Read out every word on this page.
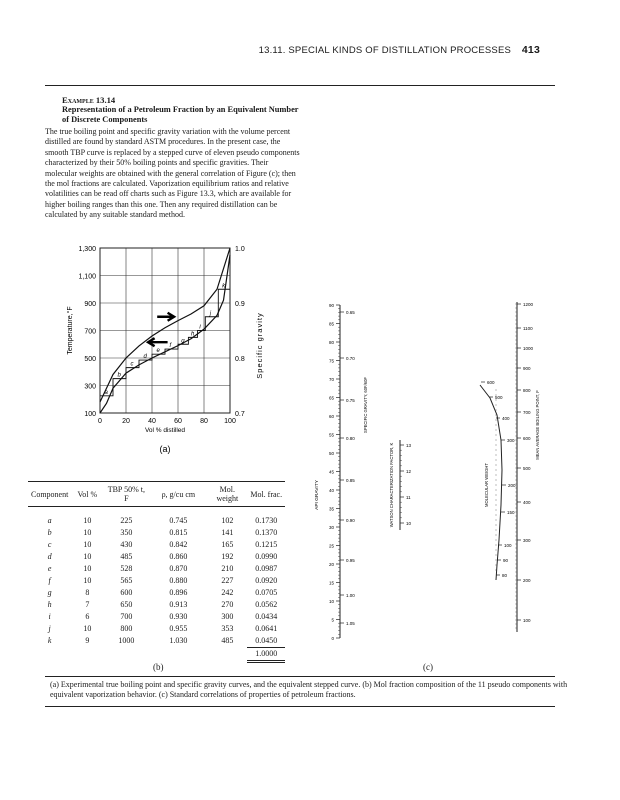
13.11. SPECIAL KINDS OF DISTILLATION PROCESSES 413
Example 13.14
Representation of a Petroleum Fraction by an Equivalent Number of Discrete Components
The true boiling point and specific gravity variation with the volume percent distilled are found by standard ASTM procedures. In the present case, the smooth TBP curve is replaced by a stepped curve of eleven pseudo components characterized by their 50% boiling points and specific gravities. Their molecular weights are obtained with the general correlation of Figure (c); then the mol fractions are calculated. Vaporization equilibrium ratios and relative volatilities can be read off charts such as Figure 13.3, which are available for higher boiling ranges than this one. Then any required distillation can be calculated by any suitable standard method.
100
300
500
700
900
1,100
1,300
0	20	40	60	80 100
0.7
0.8
0.9
1.0
Vol % distilled
Temperature,°F	Specific gravity
a
b
c
d
e
f
g
h
i
j
k
(a)
90
85
80
75
70
65
60
55
50
45
40
35
30
25
20
15
10
5
0
0.65
0.70
0.75
0.80
0.85
0.90
0.95
1.00
1.05
API GRAVITY
SPECIFIC GRAVITY, 60F/60F
13
12
11
10
WATSON CHARACTERIZATION FACTOR, K
600
500
400
300
200
150
100
90
80
MOLECULAR WEIGHT
1200
1100
1000
900
800
700
600
500
400
300
200
100
MEAN AVERAGE BOILING POINT, F
Component	Vol %	TBP 50% t, F	ρ, g/cu cm	Mol. weight	Mol. frac.
a	10	225	0.745	102	0.1730
b	10	350	0.815	141	0.1370
c	10	430	0.842	165	0.1215
d	10	485	0.860	192	0.0990
e	10	528	0.870	210	0.0987
f	10	565	0.880	227	0.0920
g	8	600	0.896	242	0.0705
h	7	650	0.913	270	0.0562
i	6	700	0.930	300	0.0434
j	10	800	0.955	353	0.0641
k	9	1000	1.030	485	0.0450
					1.0000
(b)	(c)
(a) Experimental true boiling point and specific gravity curves, and the equivalent stepped curve. (b) Mol fraction composition of the 11 pseudo components with equivalent vaporization behavior. (c) Standard correlations of properties of petroleum fractions.
